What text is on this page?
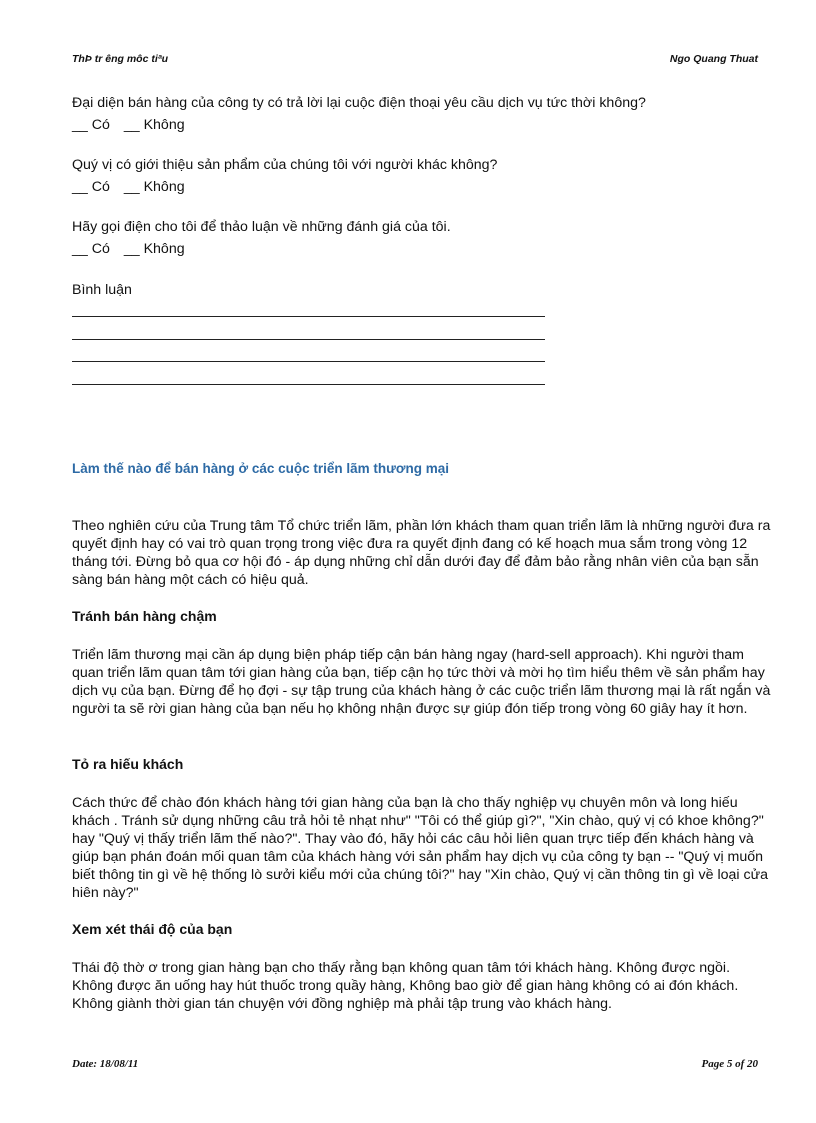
ThÞ tr êng môc tiªu	Ngo Quang Thuat
Đại diện bán hàng của công ty có trả lời lại cuộc điện thoại yêu cầu dịch vụ tức thời không?
__ Có __ Không
Quý vị có giới thiệu sản phẩm của chúng tôi với người khác không?
__ Có __ Không
Hãy gọi điện cho tôi để thảo luận về những đánh giá của tôi.
__ Có __ Không
Bình luận
Làm thế nào để bán hàng ở các cuộc triển lãm thương mại

Theo nghiên cứu của Trung tâm Tổ chức triển lãm, phần lớn khách tham quan triển lãm là những người đưa ra quyết định hay có vai trò quan trọng trong việc đưa ra quyết định đang có kế hoạch mua sắm trong vòng 12 tháng tới. Đừng bỏ qua cơ hội đó - áp dụng những chỉ dẫn dưới đay để đảm bảo rằng nhân viên của bạn sẵn sàng bán hàng một cách có hiệu quả.

Tránh bán hàng chậm

Triển lãm thương mại cần áp dụng biện pháp tiếp cận bán hàng ngay (hard-sell approach). Khi người tham quan triển lãm quan tâm tới gian hàng của bạn, tiếp cận họ tức thời và mời họ tìm hiểu thêm về sản phẩm hay dịch vụ của bạn. Đừng để họ đợi - sự tập trung của khách hàng ở các cuộc triển lãm thương mại là rất ngắn và người ta sẽ rời gian hàng của bạn nếu họ không nhận được sự giúp đón tiếp trong vòng 60 giây hay ít hơn.

Tỏ ra hiếu khách

Cách thức để chào đón khách hàng tới gian hàng của bạn là cho thấy nghiệp vụ chuyên môn và long hiếu khách . Tránh sử dụng những câu trả hỏi tẻ nhạt như" "Tôi có thể giúp gì?", "Xin chào, quý vị có khoe không?" hay "Quý vị thấy triển lãm thế nào?". Thay vào đó, hãy hỏi các câu hỏi liên quan trực tiếp đến khách hàng và giúp bạn phán đoán mối quan tâm của khách hàng với sản phẩm hay dịch vụ của công ty bạn -- "Quý vị muốn biết thông tin gì về hệ thống lò sưởi kiểu mới của chúng tôi?" hay "Xin chào, Quý vị cần thông tin gì về loại cửa hiên này?"

Xem xét thái độ của bạn

Thái độ thờ ơ trong gian hàng bạn cho thấy rằng bạn không quan tâm tới khách hàng. Không được ngồi. Không được ăn uống hay hút thuốc trong quầy hàng, Không bao giờ để gian hàng không có ai đón khách. Không giành thời gian tán chuyện với đồng nghiệp mà phải tập trung vào khách hàng.

Date: 18/08/11	Page 5 of 20
